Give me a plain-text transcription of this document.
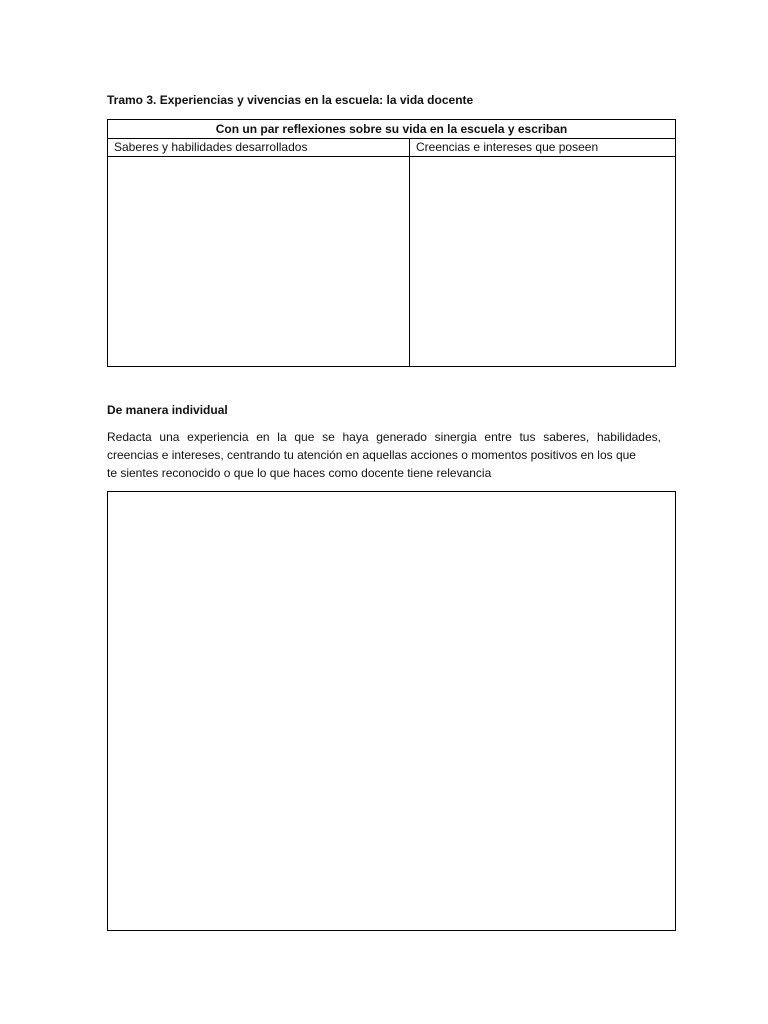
Tramo 3. Experiencias y vivencias en la escuela: la vida docente
Con un par reflexiones sobre su vida en la escuela y escriban
Saberes y habilidades desarrollados	Creencias e intereses que poseen
De manera individual
Redacta una experiencia en la que se haya generado sinergia entre tus saberes, habilidades,
creencias e intereses, centrando tu atención en aquellas acciones o momentos positivos en los que
te sientes reconocido o que lo que haces como docente tiene relevancia
